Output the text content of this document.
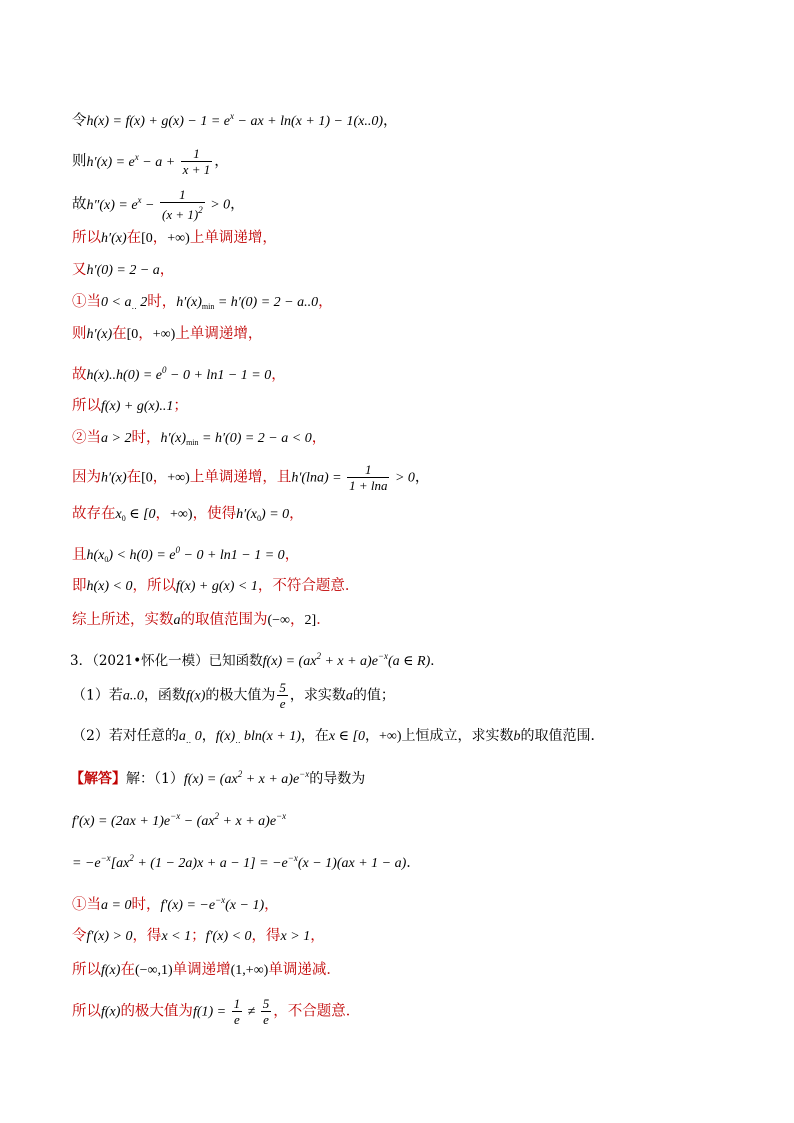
令$h(x) = f(x) + g(x) - 1 = e^x$ − ax + ln(x + 1) − 1(x..0)，
则$h'(x) = e^x - a + \frac{1}{x + 1}$ ，
故$h''(x) = e^x - \frac{1}{(x + 1)^2} > 0$，
所以h′(x)在[0，+∞)上单调递增，
又h′(0) = 2 − a，
①当$0 < a_‥$ 2时，$h'(x)_{min} = h'(0) = 2 - a..0$，
则h′(x)在[0，+∞)上单调递增，
故$h(x)..h(0) = e^0 - 0 + \ln 1 - 1 = 0$，
所以f(x) + g(x)..1；
②当a > 2时，$h'(x)_{min} = h'(0) = 2 - a < 0$，
因为h′(x)在[0，+∞)上单调递增，且$h'(\ln a) = \frac{1}{1 + \ln a} > 0$，
故存在$x_0$ ∈ [0，+∞)，使得$h'(x_0) = 0$，
且$h(x_0) < h(0) = e^0 - 0 + \ln 1 - 1 = 0$，
即h(x) < 0，所以f(x) + g(x) < 1，不符合题意．
综上所述，实数a的取值范围为(−∞，2]．
3．（2021•怀化一模）已知函数$f(x) = (ax^2 + x + a)e^{-x}(a$ ∈ R)．
（1）若a..0，函数f(x)的极大值为 $\frac{5}{e}$ ，求实数a的值；
（2）若对任意的$a_‥$ 0，$f(x)_‥$ bln(x + 1)，在x ∈ [0，+∞)上恒成立，求实数b的取值范围．
【解答】解：$(1)f(x) = (ax^2 + x + a)e^{-x}$的导数为
$f'(x) = (2ax + 1)e^{-x} - (ax^2 + x + a)e^{-x}$
= $-e^{-x}[ax^2 + (1 - 2a)x + a - 1] = -e^{-x}(x - 1)(ax + 1 - a)$．
①当a = 0时，$f'(x) = -e^{-x}(x - 1)$，
令f′(x) > 0，得x < 1；f′(x) < 0，得x > 1，
所以f(x)在(−∞,1)单调递增(1,+∞)单调递减．
所以f(x)的极大值为$f(1) = \frac{1}{e} \ne \frac{5}{e}$ ，不合题意．
